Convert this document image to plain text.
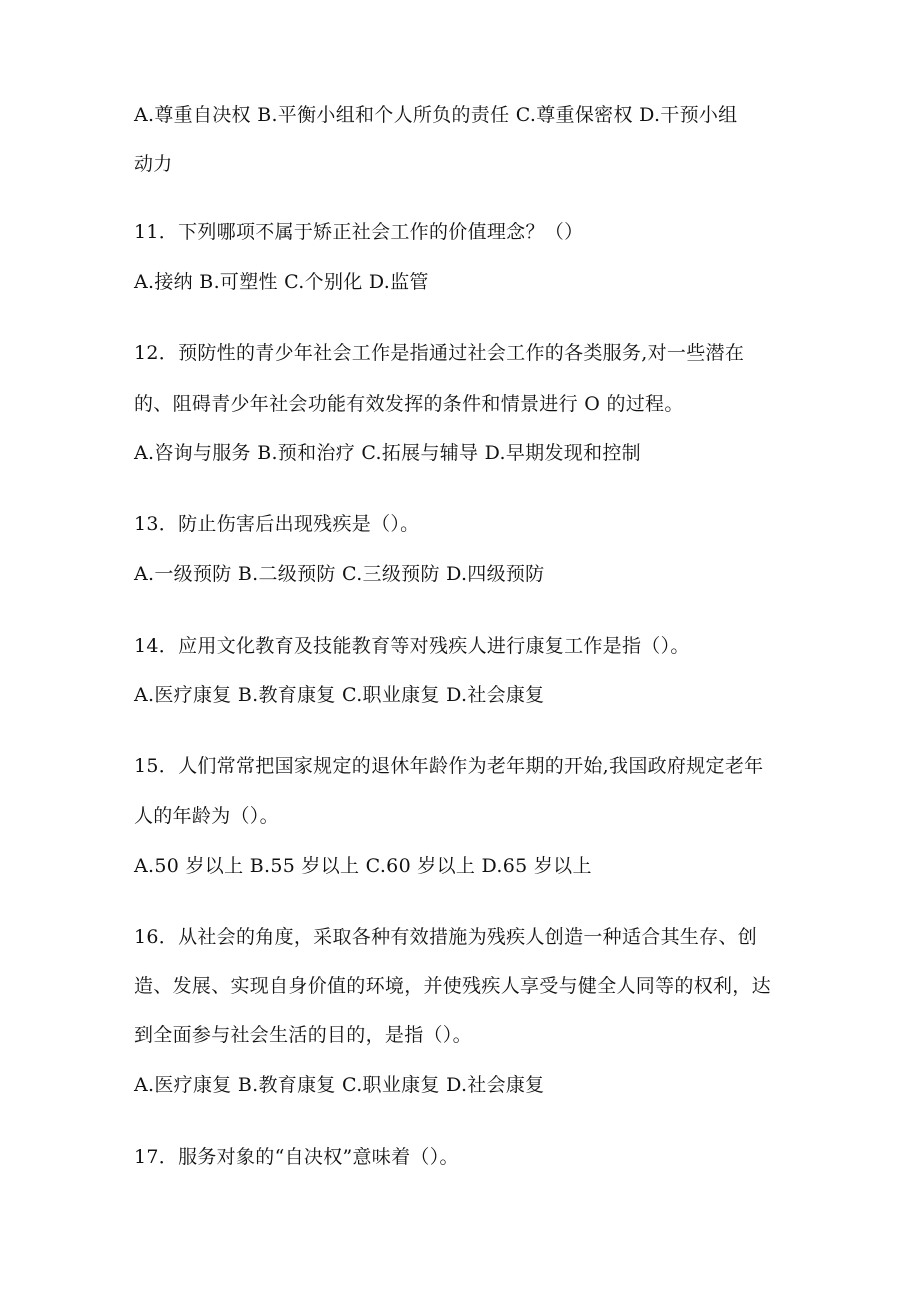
A.尊重自决权 B.平衡小组和个人所负的责任 C.尊重保密权 D.干预小组
动力
11．下列哪项不属于矫正社会工作的价值理念？（）
A.接纳 B.可塑性 C.个别化 D.监管
12．预防性的青少年社会工作是指通过社会工作的各类服务,对一些潜在
的、阻碍青少年社会功能有效发挥的条件和情景进行 O 的过程。
A.咨询与服务 B.预和治疗 C.拓展与辅导 D.早期发现和控制
13．防止伤害后出现残疾是（）。
A.一级预防 B.二级预防 C.三级预防 D.四级预防
14．应用文化教育及技能教育等对残疾人进行康复工作是指（）。
A.医疗康复 B.教育康复 C.职业康复 D.社会康复
15．人们常常把国家规定的退休年龄作为老年期的开始,我国政府规定老年
人的年龄为（）。
A.50 岁以上 B.55 岁以上 C.60 岁以上 D.65 岁以上
16．从社会的角度，采取各种有效措施为残疾人创造一种适合其生存、创
造、发展、实现自身价值的环境，并使残疾人享受与健全人同等的权利，达
到全面参与社会生活的目的，是指（）。
A.医疗康复 B.教育康复 C.职业康复 D.社会康复
17．服务对象的“自决权”意味着（）。
